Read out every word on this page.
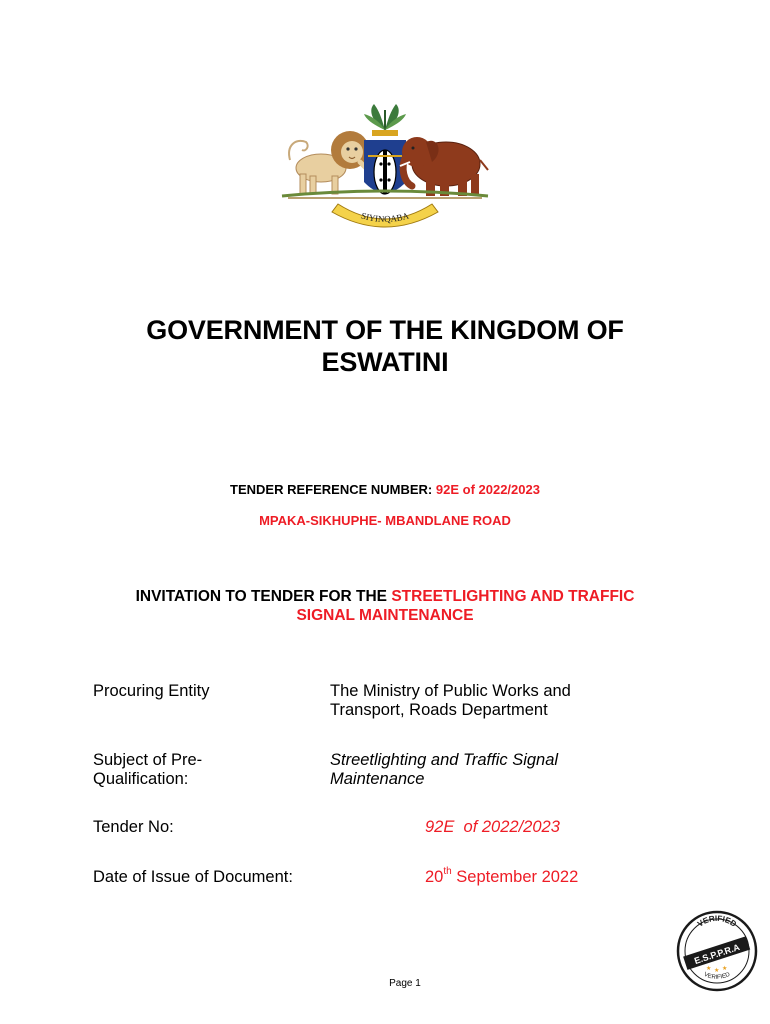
SIYINQABA
GOVERNMENT OF THE KINGDOM OF
ESWATINI
TENDER REFERENCE NUMBER: 92E of 2022/2023
MPAKA-SIKHUPHE- MBANDLANE ROAD
INVITATION TO TENDER FOR THE STREETLIGHTING AND TRAFFIC
SIGNAL MAINTENANCE
Procuring Entity	The Ministry of Public Works and
Transport, Roads Department
Subject of Pre-
Qualification:
Streetlighting and Traffic Signal
Maintenance
Tender No:	92E  of 2022/2023
Date of Issue of Document:	20th September 2022
VERIFIED
E.S.P.P.R.A
★ ★ ★
VERIFIED
Page 1
